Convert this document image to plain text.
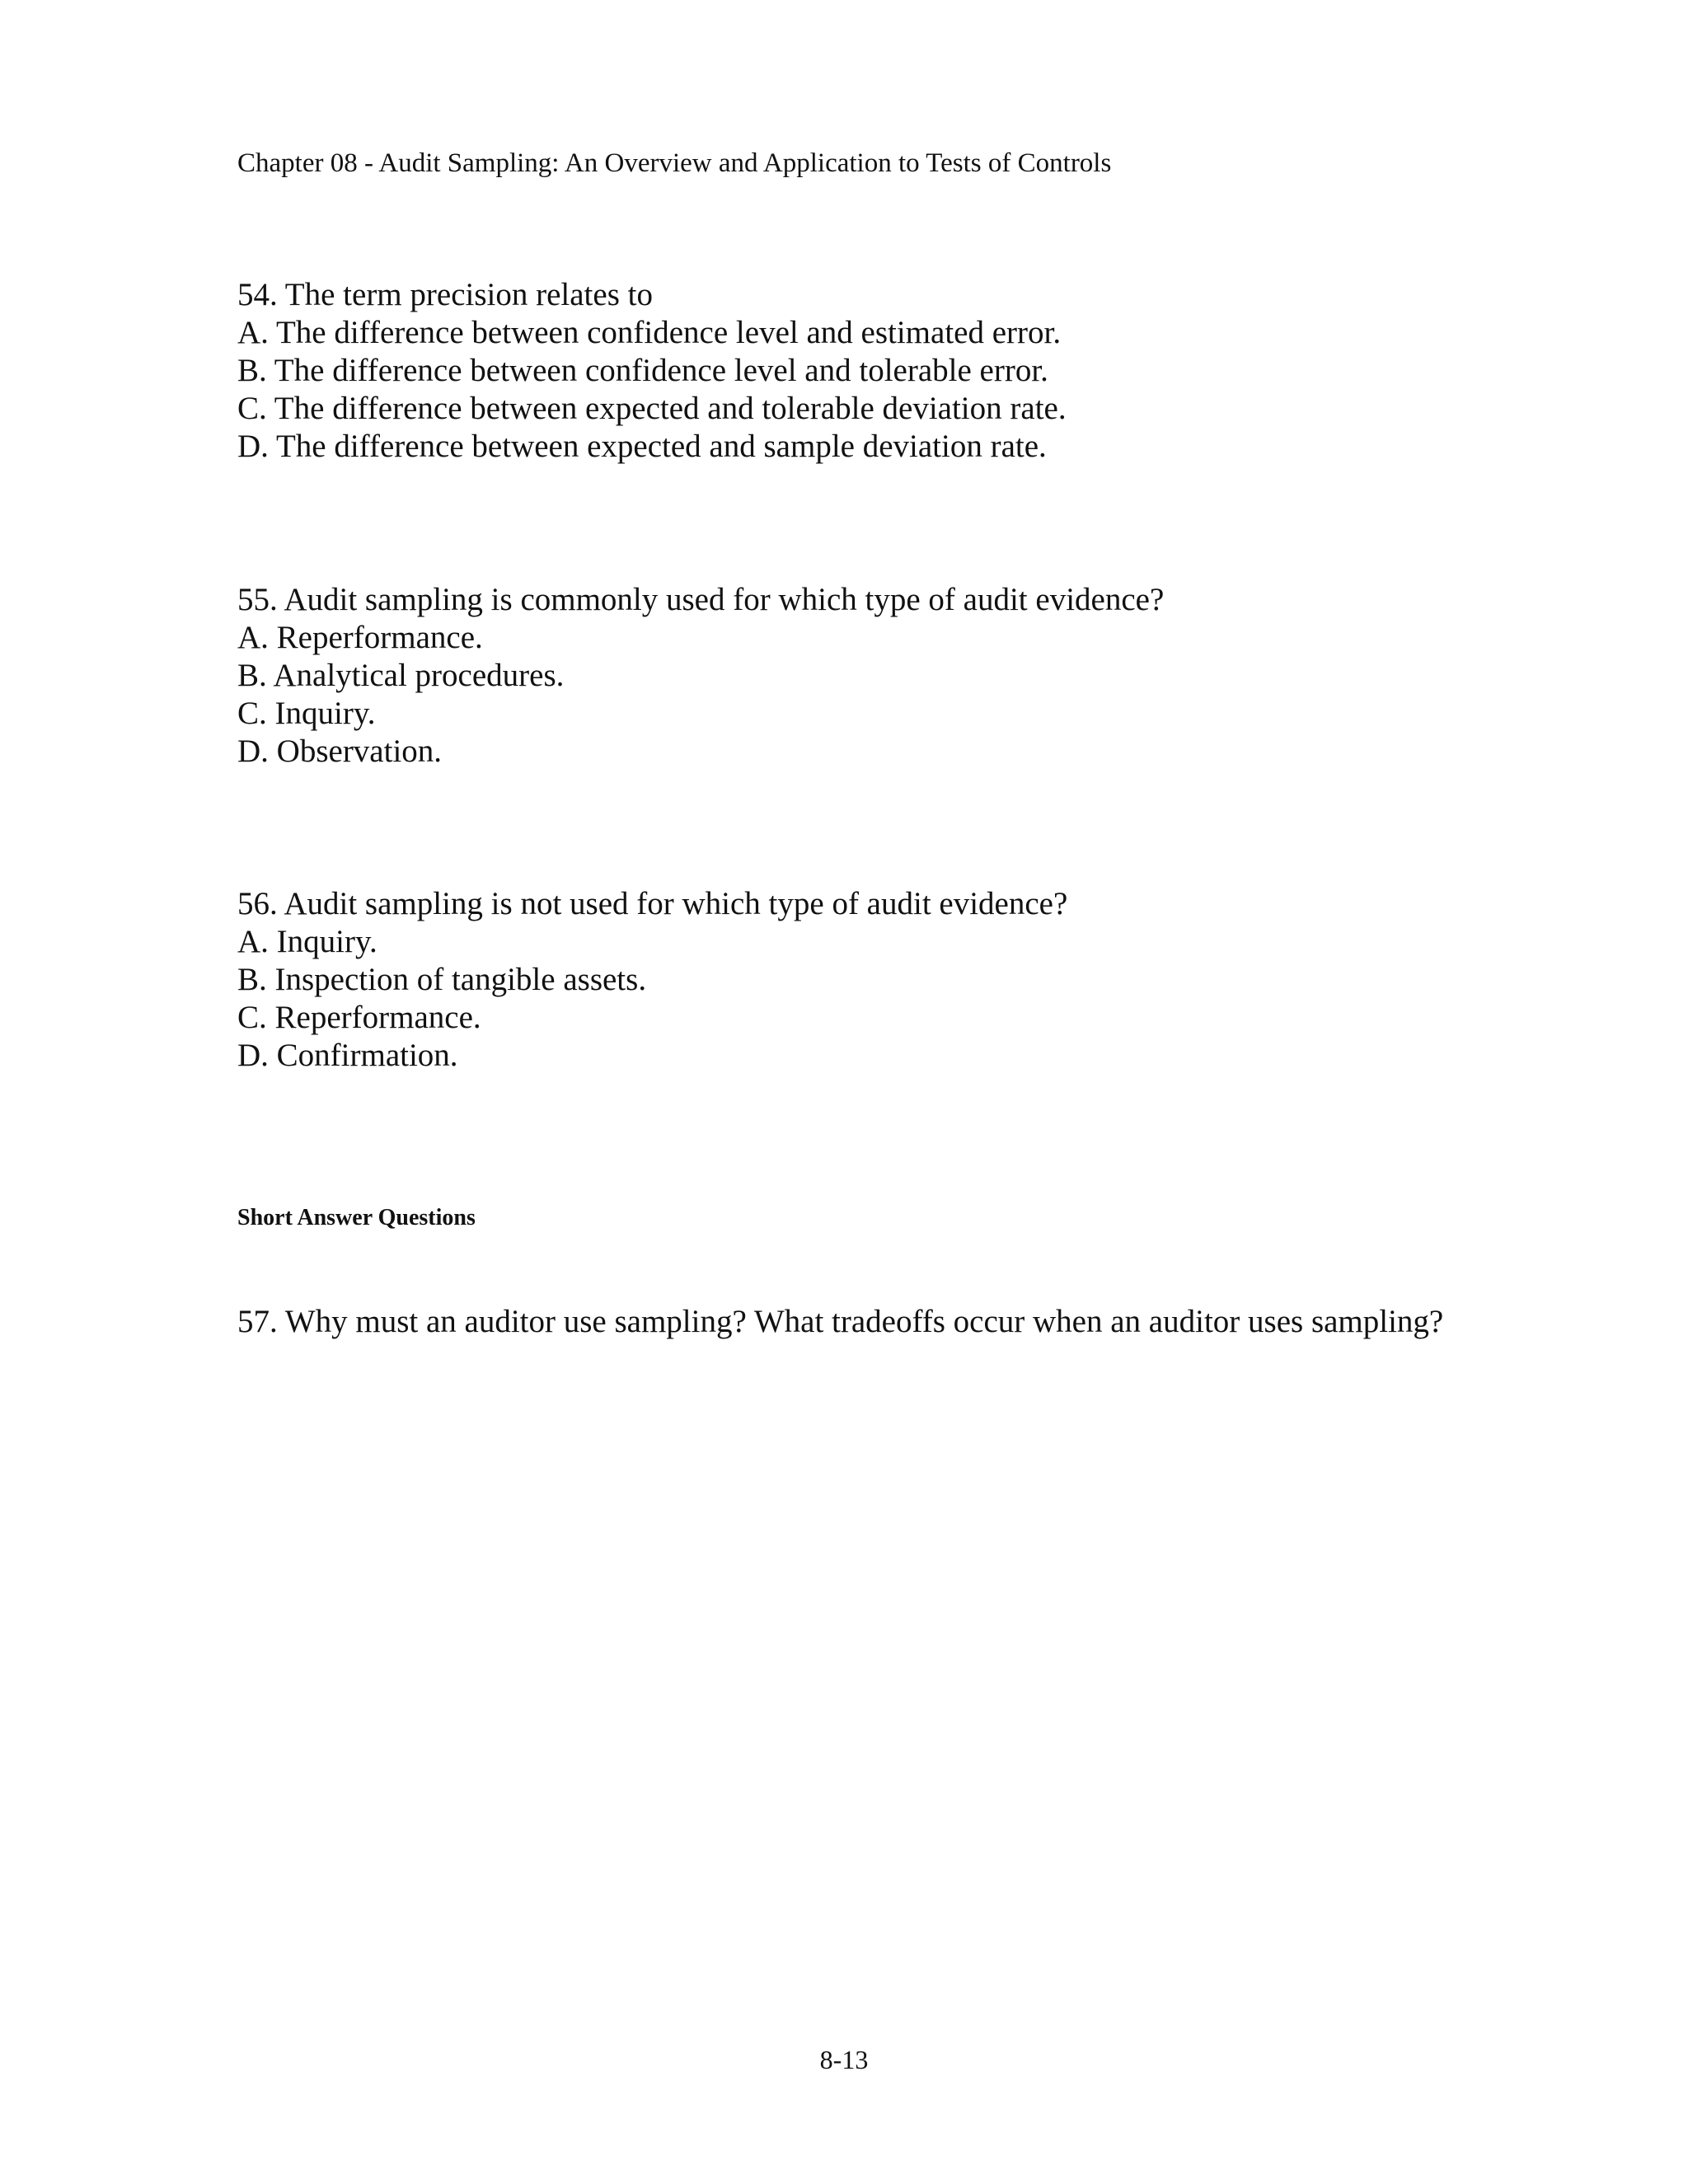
Chapter 08 - Audit Sampling: An Overview and Application to Tests of Controls
54. The term precision relates to
A. The difference between confidence level and estimated error.
B. The difference between confidence level and tolerable error.
C. The difference between expected and tolerable deviation rate.
D. The difference between expected and sample deviation rate.
55. Audit sampling is commonly used for which type of audit evidence?
A. Reperformance.
B. Analytical procedures.
C. Inquiry.
D. Observation.
56. Audit sampling is not used for which type of audit evidence?
A. Inquiry.
B. Inspection of tangible assets.
C. Reperformance.
D. Confirmation.
Short Answer Questions
57. Why must an auditor use sampling? What tradeoffs occur when an auditor uses sampling?
8-13
